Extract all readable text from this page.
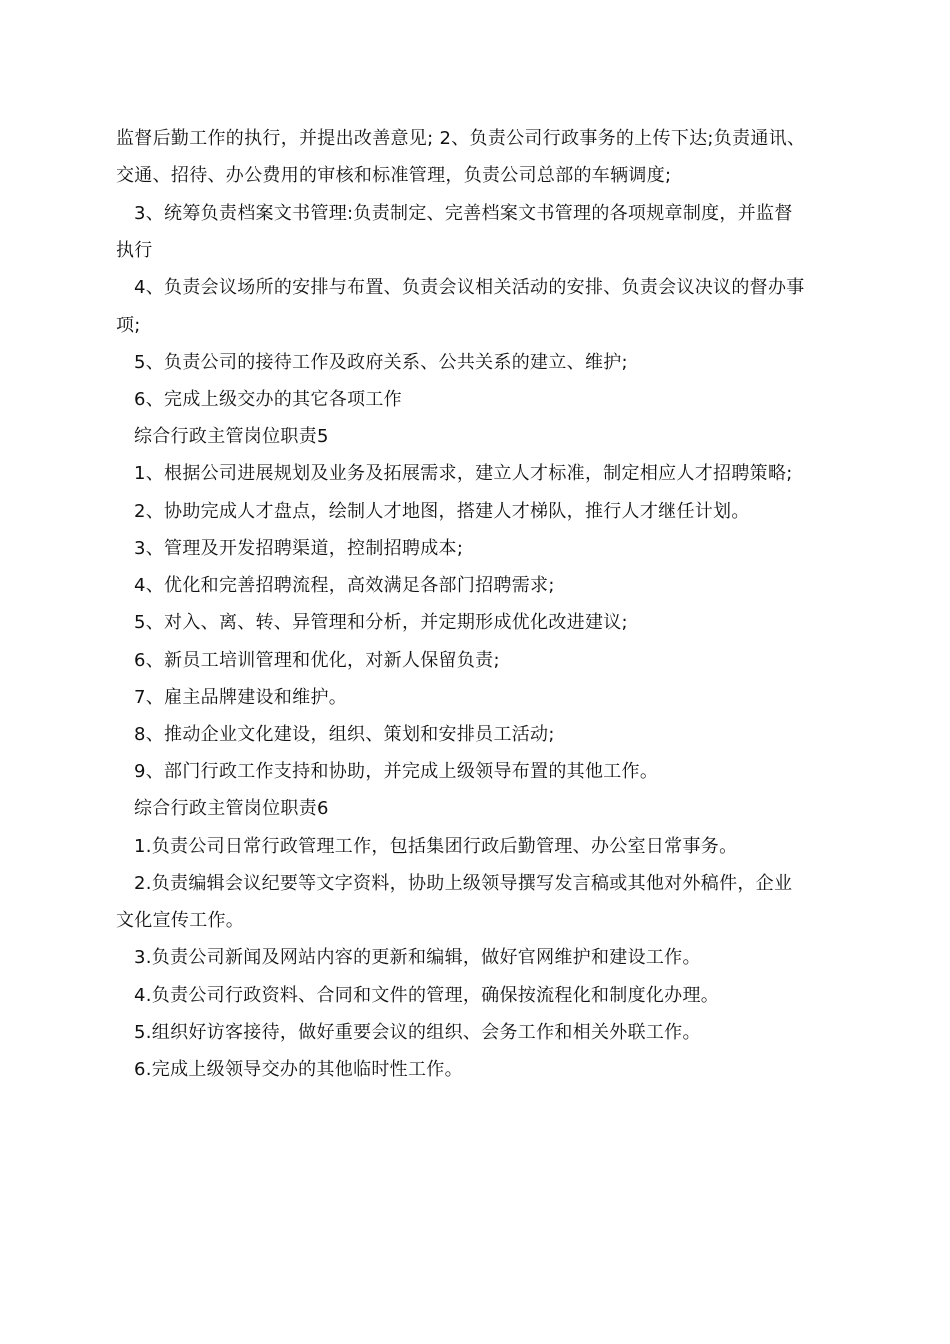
监督后勤工作的执行，并提出改善意见; 2、负责公司行政事务的上传下达;负责通讯、
交通、招待、办公费用的审核和标准管理，负责公司总部的车辆调度;
3、统筹负责档案文书管理:负责制定、完善档案文书管理的各项规章制度，并监督
执行
4、负责会议场所的安排与布置、负责会议相关活动的安排、负责会议决议的督办事
项;
5、负责公司的接待工作及政府关系、公共关系的建立、维护;
6、完成上级交办的其它各项工作
综合行政主管岗位职责5
1、根据公司进展规划及业务及拓展需求，建立人才标准，制定相应人才招聘策略;
2、协助完成人才盘点，绘制人才地图，搭建人才梯队，推行人才继任计划。
3、管理及开发招聘渠道，控制招聘成本;
4、优化和完善招聘流程，高效满足各部门招聘需求;
5、对入、离、转、异管理和分析，并定期形成优化改进建议;
6、新员工培训管理和优化，对新人保留负责;
7、雇主品牌建设和维护。
8、推动企业文化建设，组织、策划和安排员工活动;
9、部门行政工作支持和协助，并完成上级领导布置的其他工作。
综合行政主管岗位职责6
1.负责公司日常行政管理工作，包括集团行政后勤管理、办公室日常事务。
2.负责编辑会议纪要等文字资料，协助上级领导撰写发言稿或其他对外稿件，企业
文化宣传工作。
3.负责公司新闻及网站内容的更新和编辑，做好官网维护和建设工作。
4.负责公司行政资料、合同和文件的管理，确保按流程化和制度化办理。
5.组织好访客接待，做好重要会议的组织、会务工作和相关外联工作。
6.完成上级领导交办的其他临时性工作。
